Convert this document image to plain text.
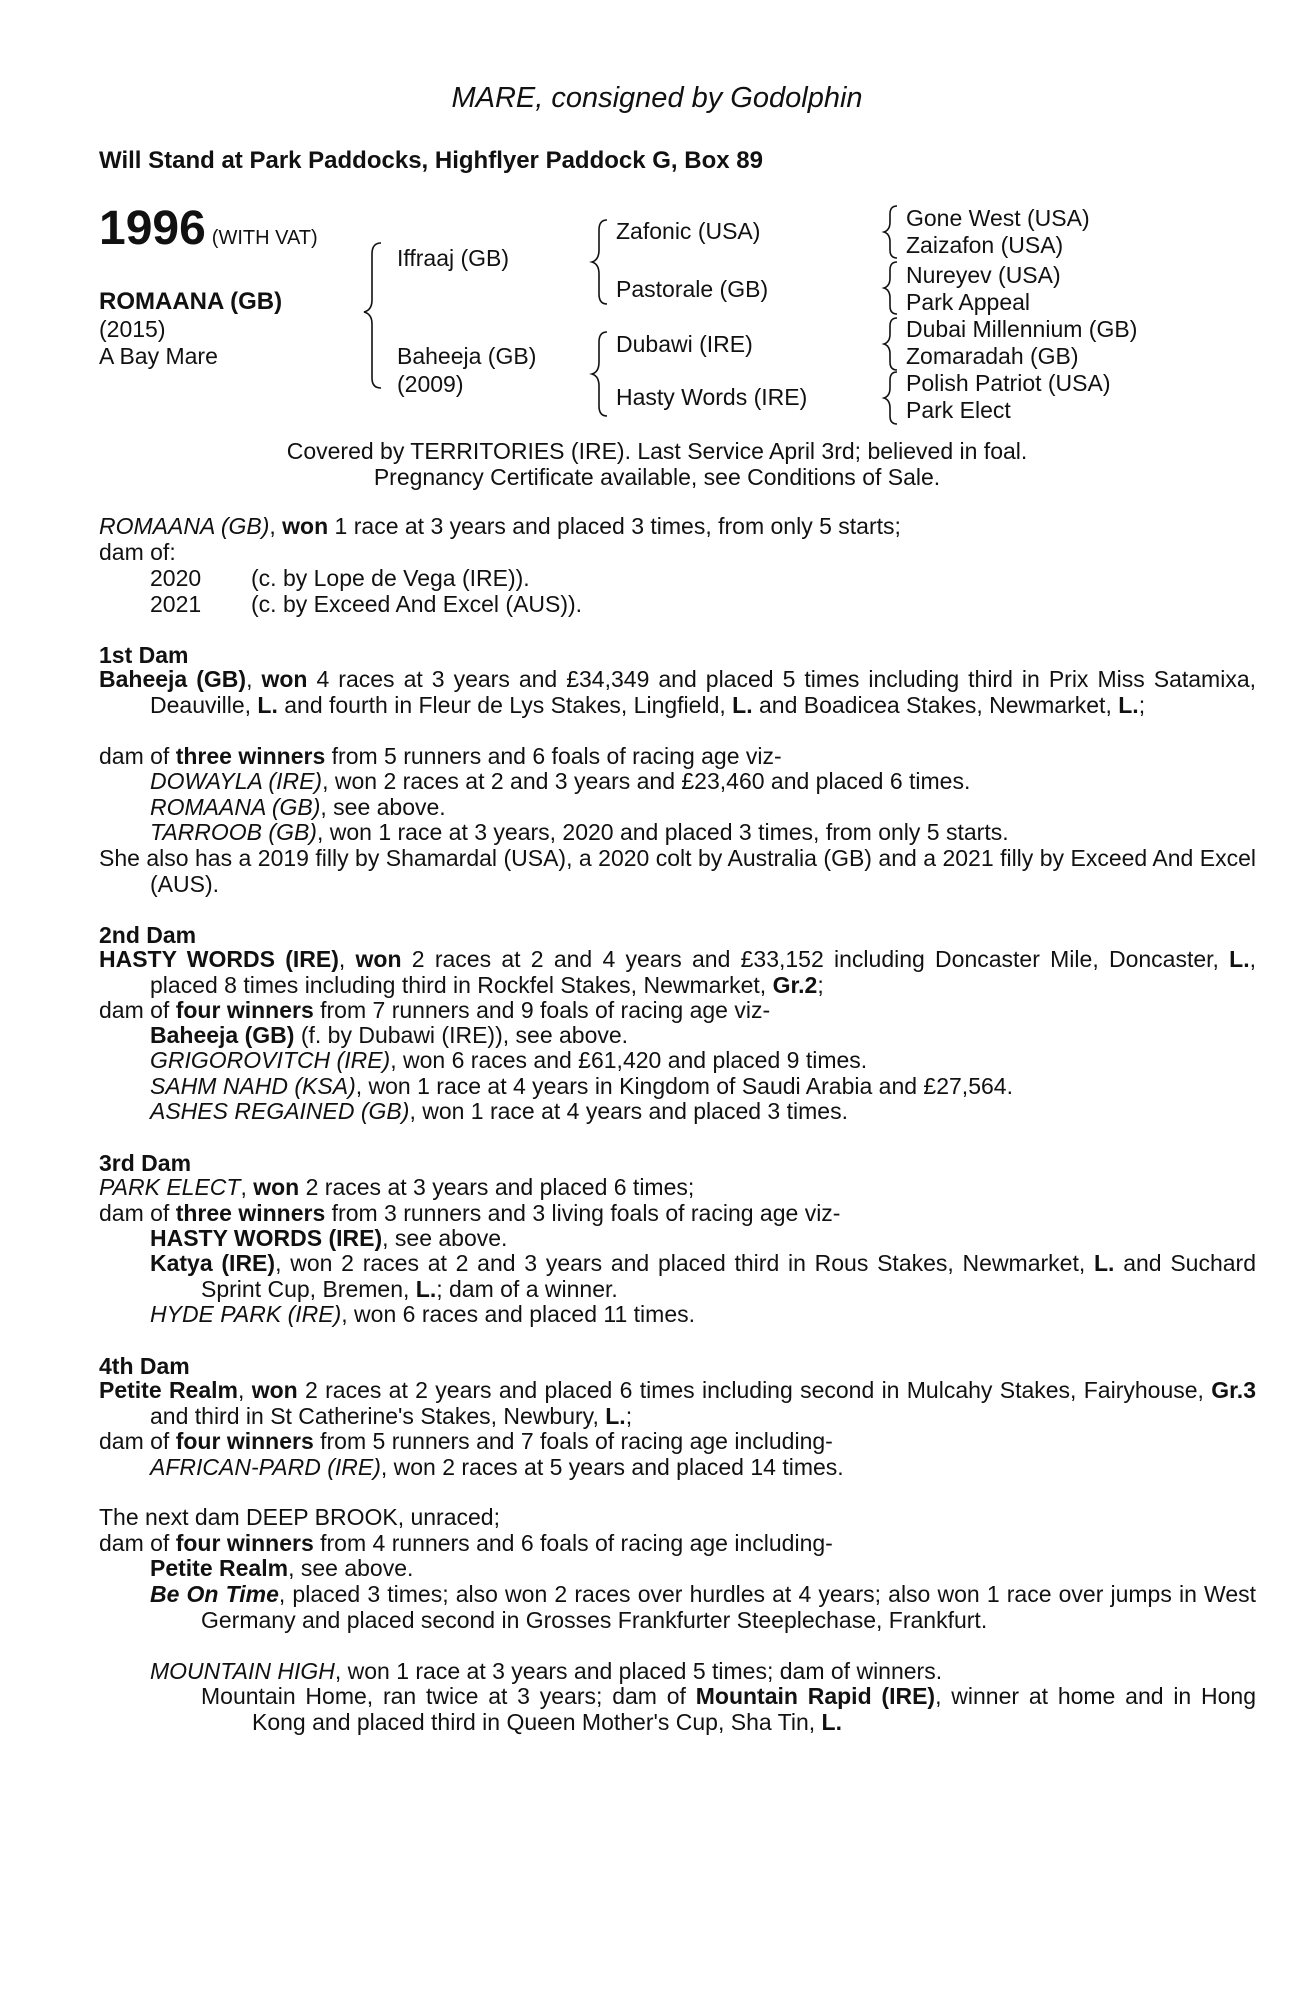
MARE, consigned by Godolphin
Will Stand at Park Paddocks, Highflyer Paddock G, Box 89
1996 (WITH VAT)
ROMAANA (GB)
(2015)
A Bay Mare
Iffraaj (GB)
Baheeja (GB)
(2009)
Zafonic (USA)
Pastorale (GB)
Dubawi (IRE)
Hasty Words (IRE)
Gone West (USA)
Zaizafon (USA)
Nureyev (USA)
Park Appeal
Dubai Millennium (GB)
Zomaradah (GB)
Polish Patriot (USA)
Park Elect
Covered by TERRITORIES (IRE). Last Service April 3rd; believed in foal.
Pregnancy Certificate available, see Conditions of Sale.
ROMAANA (GB), won 1 race at 3 years and placed 3 times, from only 5 starts;
dam of:
2020 (c. by Lope de Vega (IRE)).
2021 (c. by Exceed And Excel (AUS)).
1st Dam
Baheeja (GB), won 4 races at 3 years and £34,349 and placed 5 times including third in Prix Miss Satamixa, Deauville, L. and fourth in Fleur de Lys Stakes, Lingfield, L. and Boadicea Stakes, Newmarket, L.;
dam of three winners from 5 runners and 6 foals of racing age viz-
DOWAYLA (IRE), won 2 races at 2 and 3 years and £23,460 and placed 6 times.
ROMAANA (GB), see above.
TARROOB (GB), won 1 race at 3 years, 2020 and placed 3 times, from only 5 starts.
She also has a 2019 filly by Shamardal (USA), a 2020 colt by Australia (GB) and a 2021 filly by Exceed And Excel (AUS).
2nd Dam
HASTY WORDS (IRE), won 2 races at 2 and 4 years and £33,152 including Doncaster Mile, Doncaster, L., placed 8 times including third in Rockfel Stakes, Newmarket, Gr.2;
dam of four winners from 7 runners and 9 foals of racing age viz-
Baheeja (GB) (f. by Dubawi (IRE)), see above.
GRIGOROVITCH (IRE), won 6 races and £61,420 and placed 9 times.
SAHM NAHD (KSA), won 1 race at 4 years in Kingdom of Saudi Arabia and £27,564.
ASHES REGAINED (GB), won 1 race at 4 years and placed 3 times.
3rd Dam
PARK ELECT, won 2 races at 3 years and placed 6 times;
dam of three winners from 3 runners and 3 living foals of racing age viz-
HASTY WORDS (IRE), see above.
Katya (IRE), won 2 races at 2 and 3 years and placed third in Rous Stakes, Newmarket, L. and Suchard Sprint Cup, Bremen, L.; dam of a winner.
HYDE PARK (IRE), won 6 races and placed 11 times.
4th Dam
Petite Realm, won 2 races at 2 years and placed 6 times including second in Mulcahy Stakes, Fairyhouse, Gr.3 and third in St Catherine's Stakes, Newbury, L.;
dam of four winners from 5 runners and 7 foals of racing age including-
AFRICAN-PARD (IRE), won 2 races at 5 years and placed 14 times.
The next dam DEEP BROOK, unraced;
dam of four winners from 4 runners and 6 foals of racing age including-
Petite Realm, see above.
Be On Time, placed 3 times; also won 2 races over hurdles at 4 years; also won 1 race over jumps in West Germany and placed second in Grosses Frankfurter Steeplechase, Frankfurt.
MOUNTAIN HIGH, won 1 race at 3 years and placed 5 times; dam of winners.
Mountain Home, ran twice at 3 years; dam of Mountain Rapid (IRE), winner at home and in Hong Kong and placed third in Queen Mother's Cup, Sha Tin, L.
